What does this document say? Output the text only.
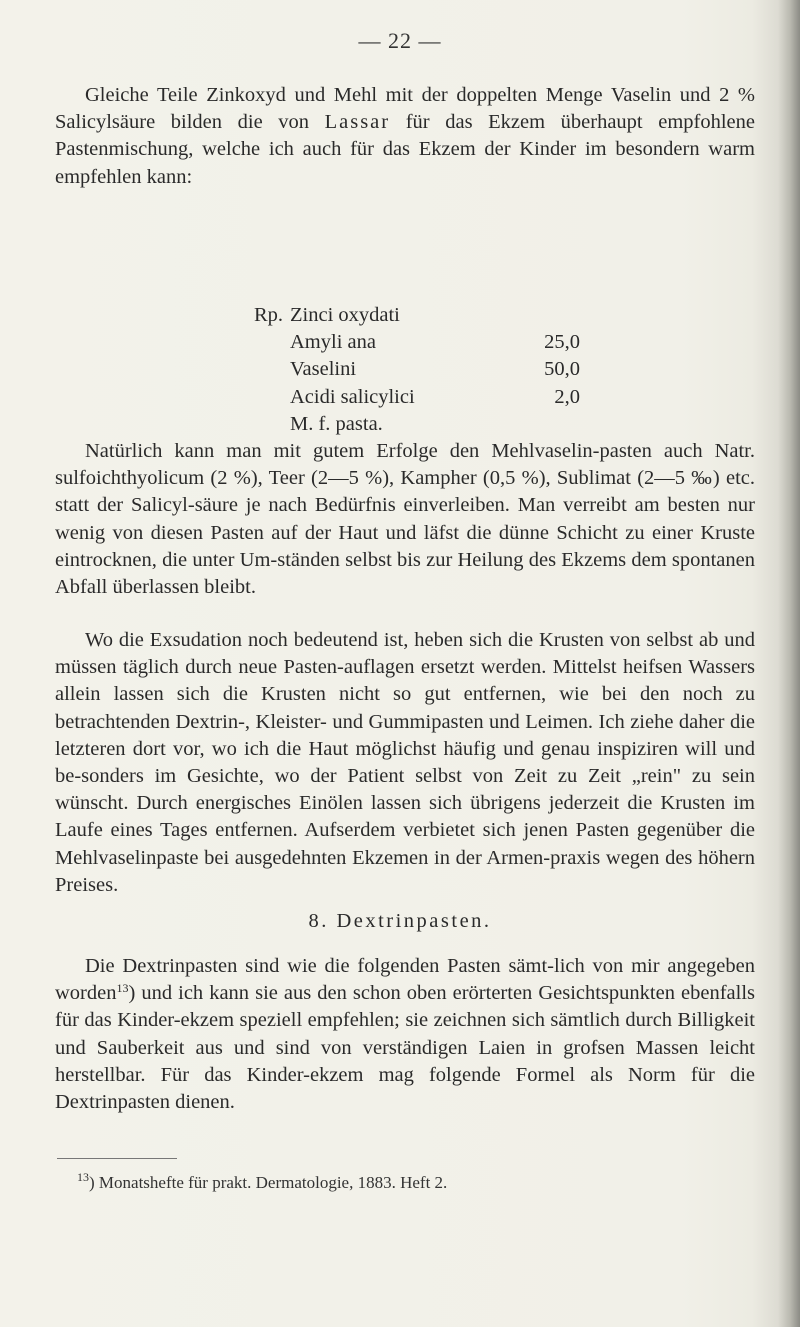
— 22 —

Gleiche Teile Zinkoxyd und Mehl mit der doppelten Menge Vaselin und 2 % Salicylsäure bilden die von Lassar für das Ekzem überhaupt empfohlene Pastenmischung, welche ich auch für das Ekzem der Kinder im besondern warm empfehlen kann:

Rp. Zinci oxydati
Amyli ana	25,0
Vaselini	50,0
Acidi salicylici	2,0
M. f. pasta.

Natürlich kann man mit gutem Erfolge den Mehlvaselin-pasten auch Natr. sulfoichthyolicum (2 %), Teer (2—5 %), Kampher (0,5 %), Sublimat (2—5 ‰) etc. statt der Salicyl-säure je nach Bedürfnis einverleiben. Man verreibt am besten nur wenig von diesen Pasten auf der Haut und läfst die dünne Schicht zu einer Kruste eintrocknen, die unter Um-ständen selbst bis zur Heilung des Ekzems dem spontanen Abfall überlassen bleibt.

Wo die Exsudation noch bedeutend ist, heben sich die Krusten von selbst ab und müssen täglich durch neue Pasten-auflagen ersetzt werden. Mittelst heifsen Wassers allein lassen sich die Krusten nicht so gut entfernen, wie bei den noch zu betrachtenden Dextrin-, Kleister- und Gummipasten und Leimen. Ich ziehe daher die letzteren dort vor, wo ich die Haut möglichst häufig und genau inspiziren will und be-sonders im Gesichte, wo der Patient selbst von Zeit zu Zeit „rein" zu sein wünscht. Durch energisches Einölen lassen sich übrigens jederzeit die Krusten im Laufe eines Tages entfernen. Aufserdem verbietet sich jenen Pasten gegenüber die Mehlvaselinpaste bei ausgedehnten Ekzemen in der Armen-praxis wegen des höhern Preises.

8. Dextrinpasten.

Die Dextrinpasten sind wie die folgenden Pasten sämt-lich von mir angegeben worden$^{13}$) und ich kann sie aus den schon oben erörterten Gesichtspunkten ebenfalls für das Kinder-ekzem speziell empfehlen; sie zeichnen sich sämtlich durch Billigkeit und Sauberkeit aus und sind von verständigen Laien in grofsen Massen leicht herstellbar. Für das Kinder-ekzem mag folgende Formel als Norm für die Dextrinpasten dienen.

$^{13}$) Monatshefte für prakt. Dermatologie, 1883. Heft 2.
